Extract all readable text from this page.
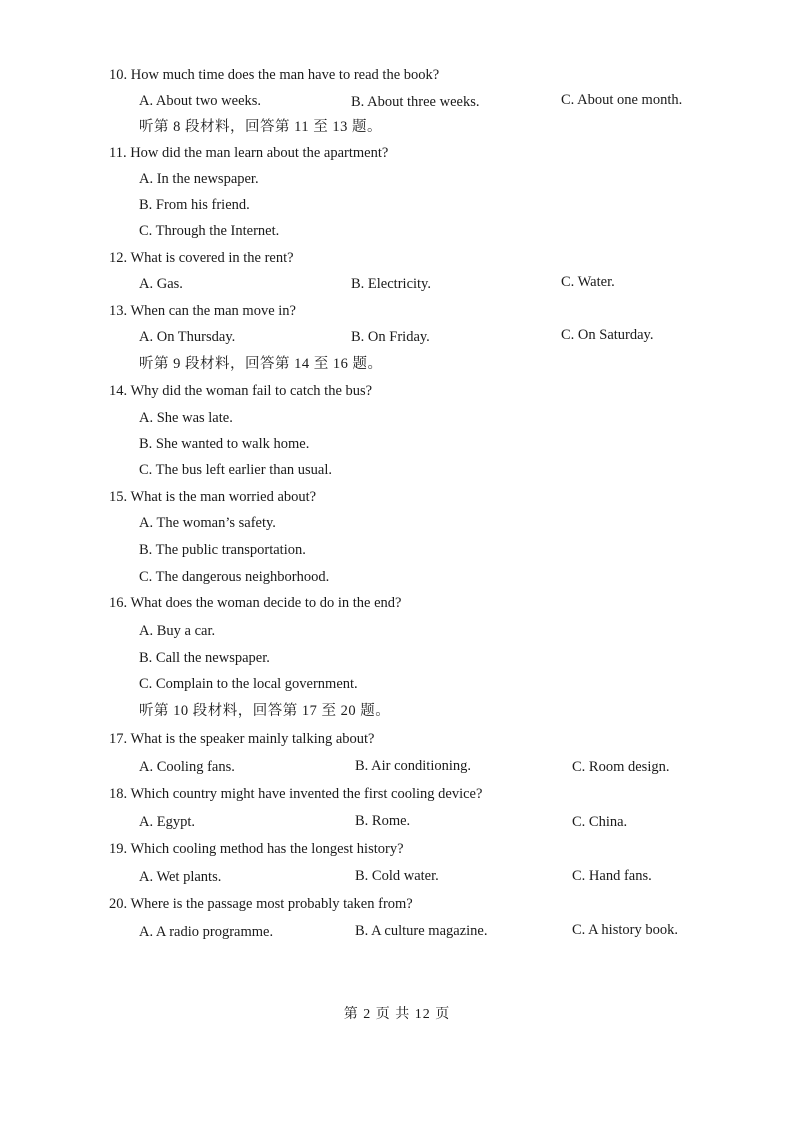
10. How much time does the man have to read the book?
A. About two weeks.	B. About three weeks.	C. About one month.
听第 8 段材料，回答第 11 至 13 题。
11. How did the man learn about the apartment?
A. In the newspaper.
B. From his friend.
C. Through the Internet.
12. What is covered in the rent?
A. Gas.	B. Electricity.	C. Water.
13. When can the man move in?
A. On Thursday.	B. On Friday.	C. On Saturday.
听第 9 段材料，回答第 14 至 16 题。
14. Why did the woman fail to catch the bus?
A. She was late.
B. She wanted to walk home.
C. The bus left earlier than usual.
15. What is the man worried about?
A. The woman’s safety.
B. The public transportation.
C. The dangerous neighborhood.
16. What does the woman decide to do in the end?
A. Buy a car.
B. Call the newspaper.
C. Complain to the local government.
听第 10 段材料，回答第 17 至 20 题。
17. What is the speaker mainly talking about?
A. Cooling fans.	B. Air conditioning.	C. Room design.
18. Which country might have invented the first cooling device?
A. Egypt.	B. Rome.	C. China.
19. Which cooling method has the longest history?
A. Wet plants.	B. Cold water.	C. Hand fans.
20. Where is the passage most probably taken from?
A. A radio programme.	B. A culture magazine.	C. A history book.
第 2 页 共 12 页
